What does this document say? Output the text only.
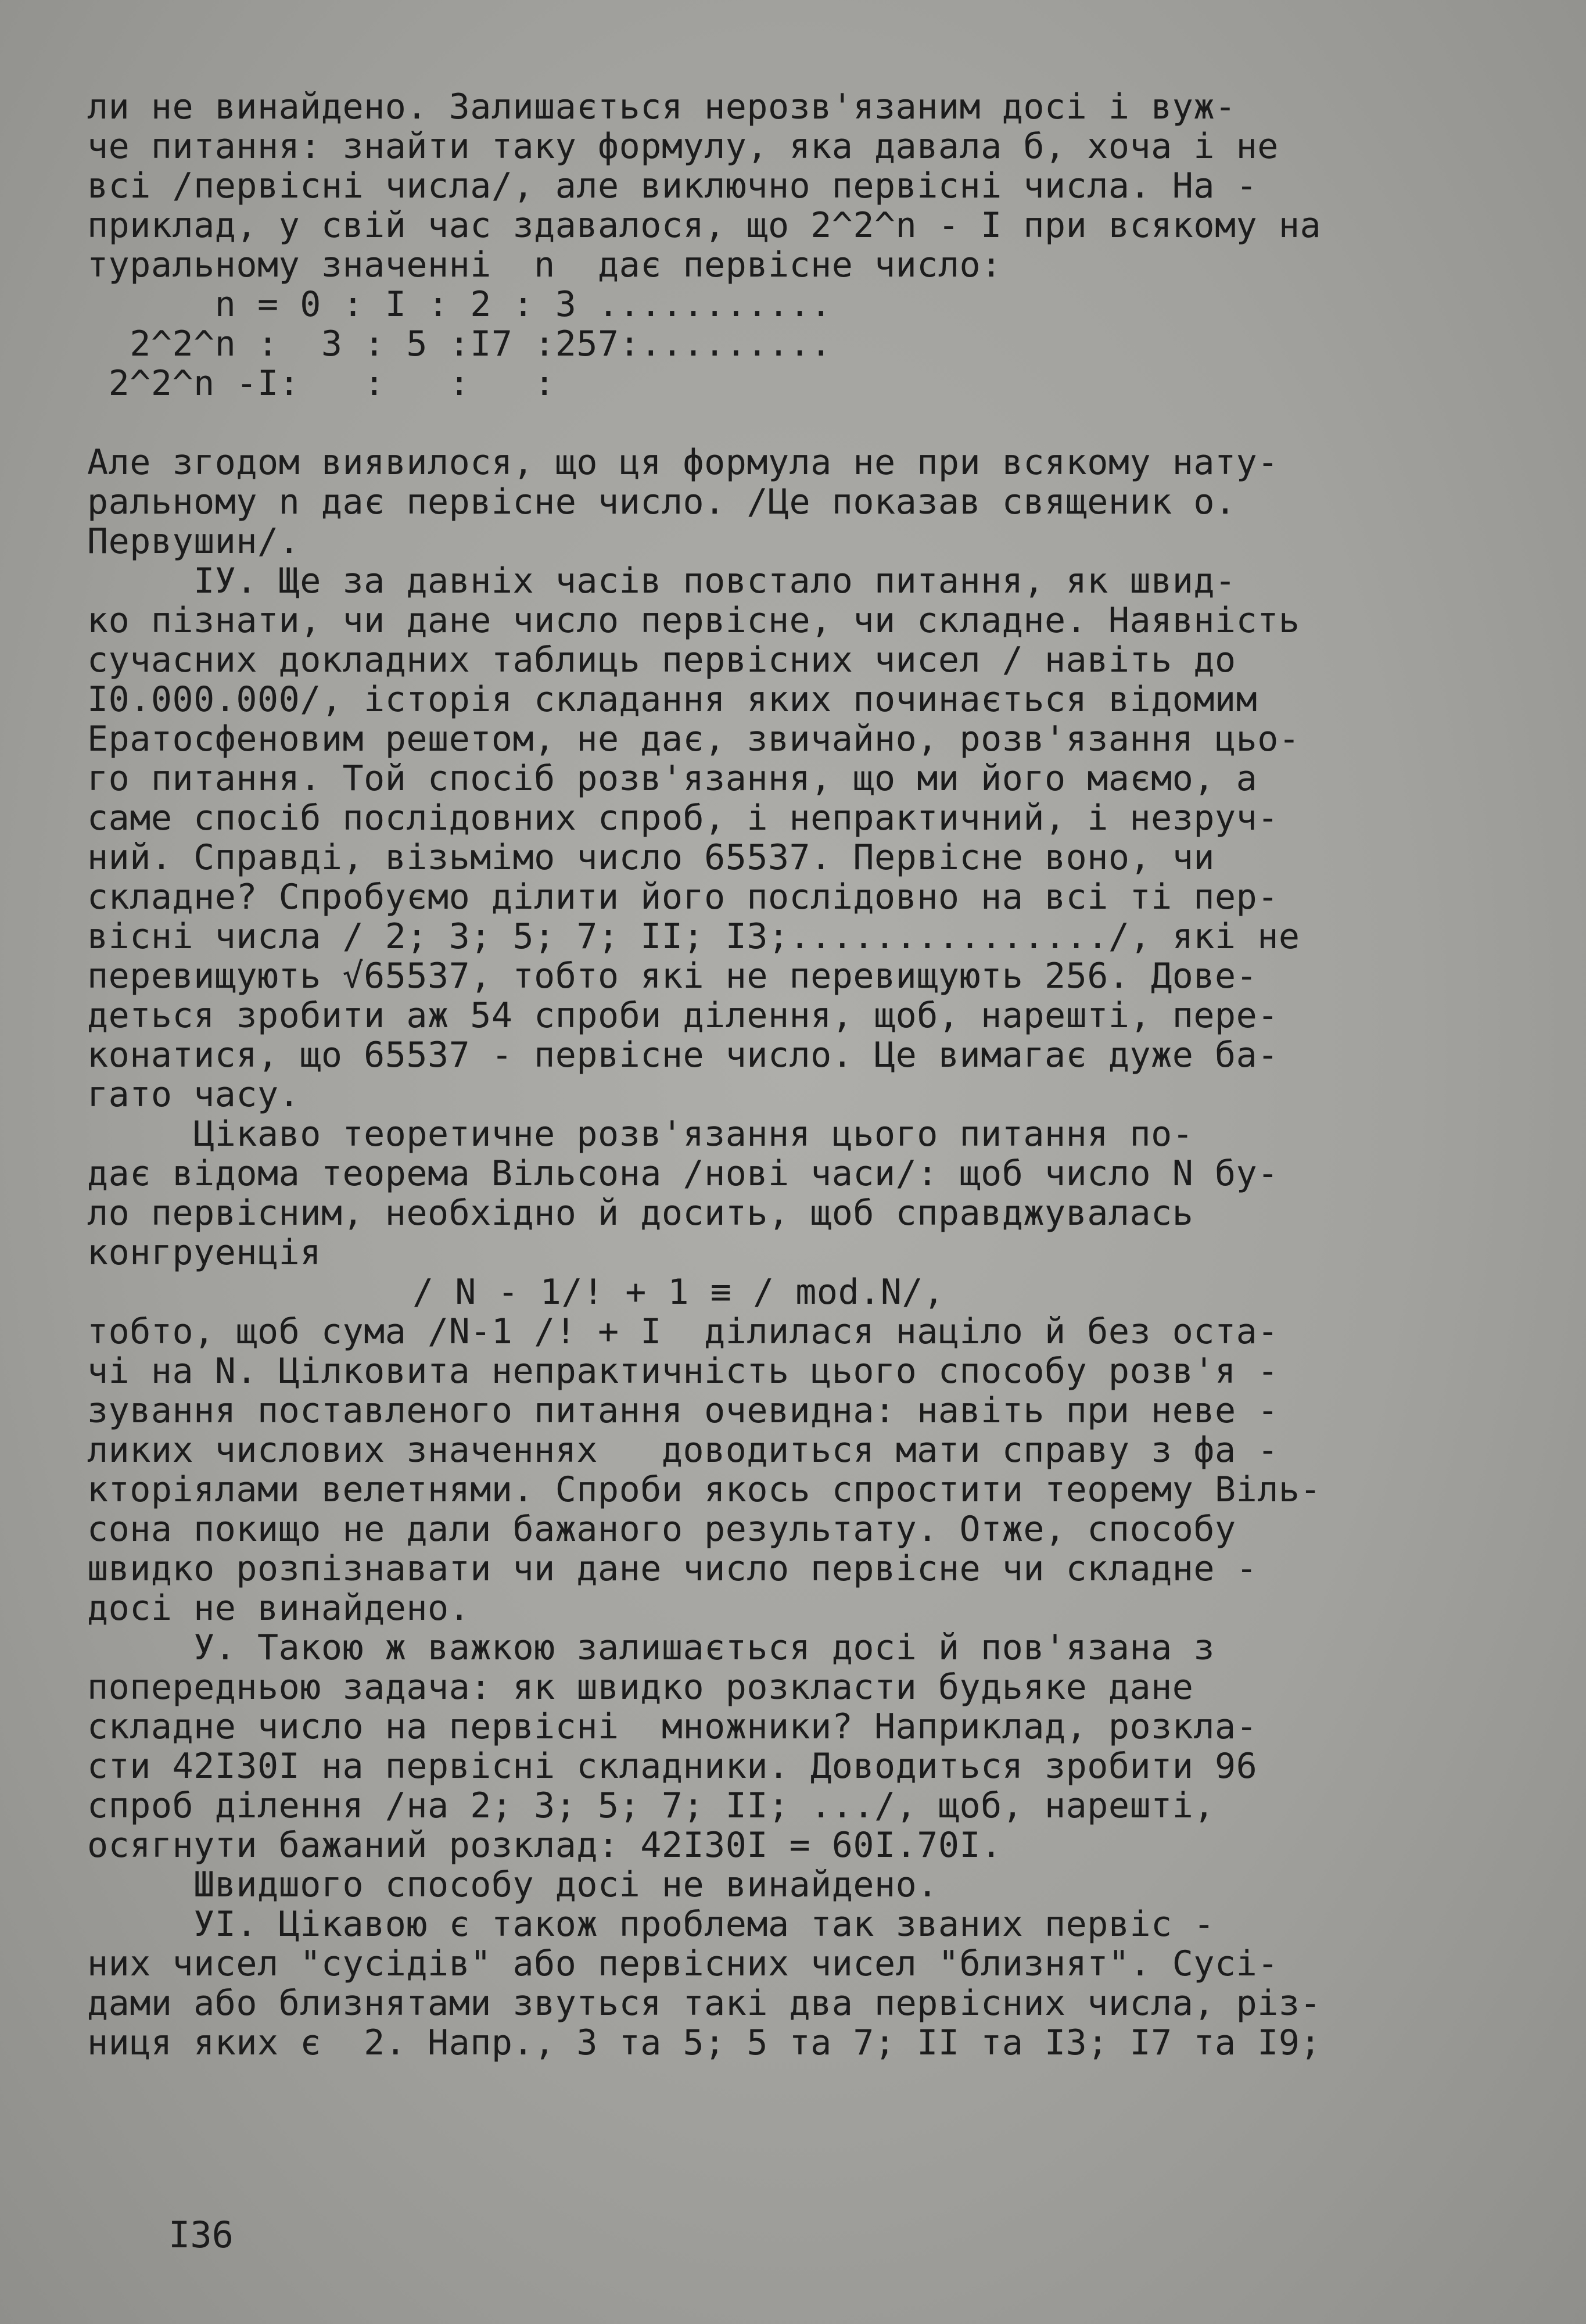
ли не винайдено. Залишається нерозв'язаним досі і вуж-
че питання: знайти таку формулу, яка давала б, хоча і не
всі /первісні числа/, але виключно первісні числа. На -
приклад, у свій час здавалося, що 2^2^n - I при всякому на
туральному значенні  n  дає первісне число:
n = 0 : I : 2 : 3 ...........
2^2^n :  3 : 5 :I7 :257:.........
2^2^n -I:   :   :   :
Але згодом виявилося, що ця формула не при всякому нату-
ральному n дає первісне число. /Це показав священик о.
Первушин/.
IУ. Ще за давніх часів повстало питання, як швид-
ко пізнати, чи дане число первісне, чи складне. Наявність
сучасних докладних таблиць первісних чисел / навіть до
I0.000.000/, історія складання яких починається відомим
Ератосфеновим решетом, не дає, звичайно, розв'язання цьо-
го питання. Той спосіб розв'язання, що ми його маємо, а
саме спосіб послідовних спроб, і непрактичний, і незруч-
ний. Справді, візьмімо число 65537. Первісне воно, чи
складне? Спробуємо ділити його послідовно на всі ті пер-
вісні числа / 2; 3; 5; 7; II; I3;.............../, які не
перевищують √65537, тобто які не перевищують 256. Дове-
деться зробити аж 54 спроби ділення, щоб, нарешті, пере-
конатися, що 65537 - первісне число. Це вимагає дуже ба-
гато часу.
Цікаво теоретичне розв'язання цього питання по-
дає відома теорема Вільсона /нові часи/: щоб число N бу-
ло первісним, необхідно й досить, щоб справджувалась
конгруенція
/ N - 1/! + 1 ≡ / mod.N/,
тобто, щоб сума /N-1 /! + I  ділилася націло й без оста-
чі на N. Цілковита непрактичність цього способу розв'я -
зування поставленого питання очевидна: навіть при неве -
ликих числових значеннях   доводиться мати справу з фа -
кторіялами велетнями. Спроби якось спростити теорему Віль-
сона покищо не дали бажаного результату. Отже, способу
швидко розпізнавати чи дане число первісне чи складне -
досі не винайдено.
У. Такою ж важкою залишається досі й пов'язана з
попередньою задача: як швидко розкласти будьяке дане
складне число на первісні  множники? Наприклад, розкла-
сти 42I30I на первісні складники. Доводиться зробити 96
спроб ділення /на 2; 3; 5; 7; II; .../, щоб, нарешті,
осягнути бажаний розклад: 42I30I = 60I.70I.
Швидшого способу досі не винайдено.
УI. Цікавою є також проблема так званих первіс -
них чисел "сусідів" або первісних чисел "близнят". Сусі-
дами або близнятами звуться такі два первісних числа, різ-
ниця яких є  2. Напр., 3 та 5; 5 та 7; II та I3; I7 та I9;
I36
